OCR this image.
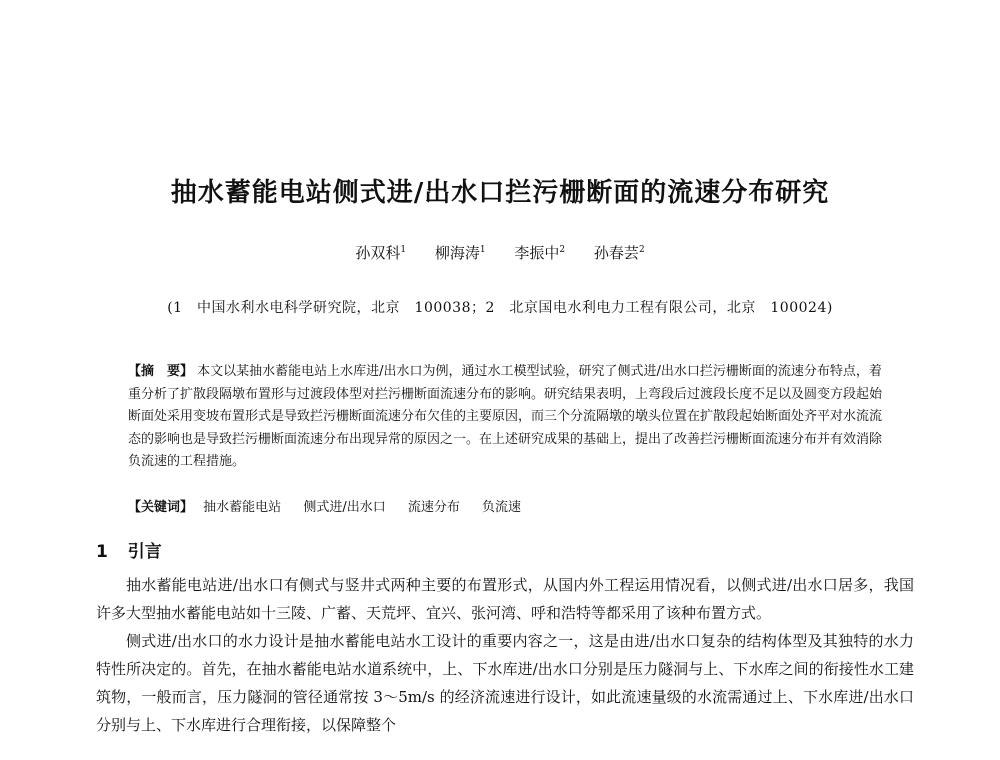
抽水蓄能电站侧式进/出水口拦污栅断面的流速分布研究
孙双科$^1$ 柳海涛$^1$ 李振中$^2$ 孙春芸$^2$
(1　中国水利水电科学研究院，北京　100038；2　北京国电水利电力工程有限公司，北京　100024)
【摘　要】 本文以某抽水蓄能电站上水库进/出水口为例，通过水工模型试验，研究了侧式进/出水口拦污栅断面的流速分布特点，着重分析了扩散段隔墩布置形与过渡段体型对拦污栅断面流速分布的影响。研究结果表明，上弯段后过渡段长度不足以及圆变方段起始断面处采用变坡布置形式是导致拦污栅断面流速分布欠佳的主要原因，而三个分流隔墩的墩头位置在扩散段起始断面处齐平对水流流态的影响也是导致拦污栅断面流速分布出现异常的原因之一。在上述研究成果的基础上，提出了改善拦污栅断面流速分布并有效消除负流速的工程措施。
【关键词】 抽水蓄能电站 侧式进/出水口 流速分布 负流速
1 引言

抽水蓄能电站进/出水口有侧式与竖井式两种主要的布置形式，从国内外工程运用情况看，以侧式进/出水口居多，我国许多大型抽水蓄能电站如十三陵、广蓄、天荒坪、宜兴、张河湾、呼和浩特等都采用了该种布置方式。

侧式进/出水口的水力设计是抽水蓄能电站水工设计的重要内容之一，这是由进/出水口复杂的结构体型及其独特的水力特性所决定的。首先，在抽水蓄能电站水道系统中，上、下水库进/出水口分别是压力隧洞与上、下水库之间的衔接性水工建筑物，一般而言，压力隧洞的管径通常按 3～5m/s 的经济流速进行设计，如此流速量级的水流需通过上、下水库进/出水口分别与上、下水库进行合理衔接，以保障整个
